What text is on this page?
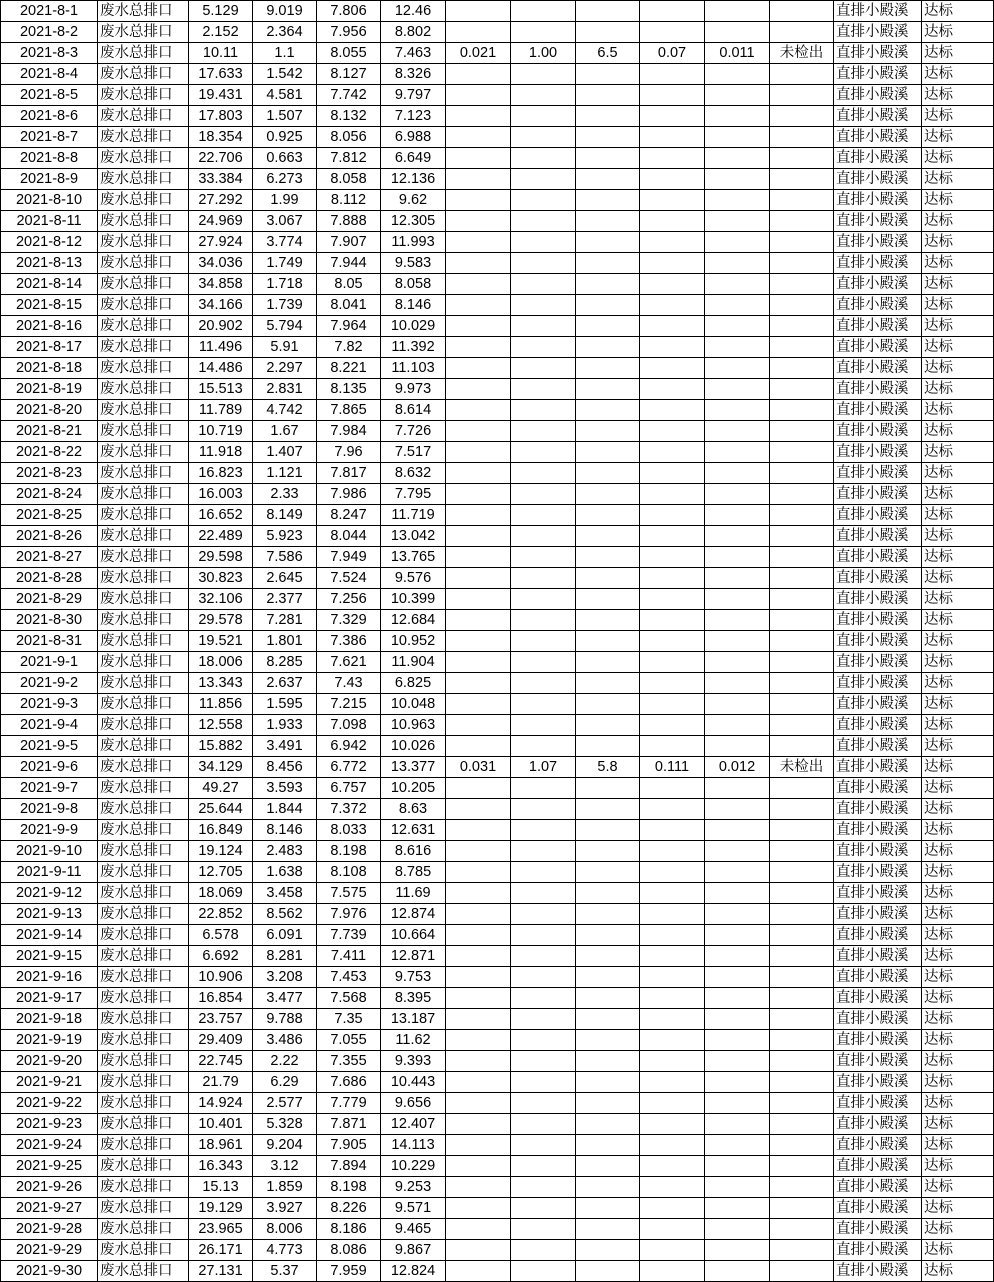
2021-8-1	废水总排口	5.129	9.019	7.806	12.46							直排小殿溪	达标
2021-8-2	废水总排口	2.152	2.364	7.956	8.802							直排小殿溪	达标
2021-8-3	废水总排口	10.11	1.1	8.055	7.463	0.021	1.00	6.5	0.07	0.011	未检出	直排小殿溪	达标
2021-8-4	废水总排口	17.633	1.542	8.127	8.326							直排小殿溪	达标
2021-8-5	废水总排口	19.431	4.581	7.742	9.797							直排小殿溪	达标
2021-8-6	废水总排口	17.803	1.507	8.132	7.123							直排小殿溪	达标
2021-8-7	废水总排口	18.354	0.925	8.056	6.988							直排小殿溪	达标
2021-8-8	废水总排口	22.706	0.663	7.812	6.649							直排小殿溪	达标
2021-8-9	废水总排口	33.384	6.273	8.058	12.136							直排小殿溪	达标
2021-8-10	废水总排口	27.292	1.99	8.112	9.62							直排小殿溪	达标
2021-8-11	废水总排口	24.969	3.067	7.888	12.305							直排小殿溪	达标
2021-8-12	废水总排口	27.924	3.774	7.907	11.993							直排小殿溪	达标
2021-8-13	废水总排口	34.036	1.749	7.944	9.583							直排小殿溪	达标
2021-8-14	废水总排口	34.858	1.718	8.05	8.058							直排小殿溪	达标
2021-8-15	废水总排口	34.166	1.739	8.041	8.146							直排小殿溪	达标
2021-8-16	废水总排口	20.902	5.794	7.964	10.029							直排小殿溪	达标
2021-8-17	废水总排口	11.496	5.91	7.82	11.392							直排小殿溪	达标
2021-8-18	废水总排口	14.486	2.297	8.221	11.103							直排小殿溪	达标
2021-8-19	废水总排口	15.513	2.831	8.135	9.973							直排小殿溪	达标
2021-8-20	废水总排口	11.789	4.742	7.865	8.614							直排小殿溪	达标
2021-8-21	废水总排口	10.719	1.67	7.984	7.726							直排小殿溪	达标
2021-8-22	废水总排口	11.918	1.407	7.96	7.517							直排小殿溪	达标
2021-8-23	废水总排口	16.823	1.121	7.817	8.632							直排小殿溪	达标
2021-8-24	废水总排口	16.003	2.33	7.986	7.795							直排小殿溪	达标
2021-8-25	废水总排口	16.652	8.149	8.247	11.719							直排小殿溪	达标
2021-8-26	废水总排口	22.489	5.923	8.044	13.042							直排小殿溪	达标
2021-8-27	废水总排口	29.598	7.586	7.949	13.765							直排小殿溪	达标
2021-8-28	废水总排口	30.823	2.645	7.524	9.576							直排小殿溪	达标
2021-8-29	废水总排口	32.106	2.377	7.256	10.399							直排小殿溪	达标
2021-8-30	废水总排口	29.578	7.281	7.329	12.684							直排小殿溪	达标
2021-8-31	废水总排口	19.521	1.801	7.386	10.952							直排小殿溪	达标
2021-9-1	废水总排口	18.006	8.285	7.621	11.904							直排小殿溪	达标
2021-9-2	废水总排口	13.343	2.637	7.43	6.825							直排小殿溪	达标
2021-9-3	废水总排口	11.856	1.595	7.215	10.048							直排小殿溪	达标
2021-9-4	废水总排口	12.558	1.933	7.098	10.963							直排小殿溪	达标
2021-9-5	废水总排口	15.882	3.491	6.942	10.026							直排小殿溪	达标
2021-9-6	废水总排口	34.129	8.456	6.772	13.377	0.031	1.07	5.8	0.111	0.012	未检出	直排小殿溪	达标
2021-9-7	废水总排口	49.27	3.593	6.757	10.205							直排小殿溪	达标
2021-9-8	废水总排口	25.644	1.844	7.372	8.63							直排小殿溪	达标
2021-9-9	废水总排口	16.849	8.146	8.033	12.631							直排小殿溪	达标
2021-9-10	废水总排口	19.124	2.483	8.198	8.616							直排小殿溪	达标
2021-9-11	废水总排口	12.705	1.638	8.108	8.785							直排小殿溪	达标
2021-9-12	废水总排口	18.069	3.458	7.575	11.69							直排小殿溪	达标
2021-9-13	废水总排口	22.852	8.562	7.976	12.874							直排小殿溪	达标
2021-9-14	废水总排口	6.578	6.091	7.739	10.664							直排小殿溪	达标
2021-9-15	废水总排口	6.692	8.281	7.411	12.871							直排小殿溪	达标
2021-9-16	废水总排口	10.906	3.208	7.453	9.753							直排小殿溪	达标
2021-9-17	废水总排口	16.854	3.477	7.568	8.395							直排小殿溪	达标
2021-9-18	废水总排口	23.757	9.788	7.35	13.187							直排小殿溪	达标
2021-9-19	废水总排口	29.409	3.486	7.055	11.62							直排小殿溪	达标
2021-9-20	废水总排口	22.745	2.22	7.355	9.393							直排小殿溪	达标
2021-9-21	废水总排口	21.79	6.29	7.686	10.443							直排小殿溪	达标
2021-9-22	废水总排口	14.924	2.577	7.779	9.656							直排小殿溪	达标
2021-9-23	废水总排口	10.401	5.328	7.871	12.407							直排小殿溪	达标
2021-9-24	废水总排口	18.961	9.204	7.905	14.113							直排小殿溪	达标
2021-9-25	废水总排口	16.343	3.12	7.894	10.229							直排小殿溪	达标
2021-9-26	废水总排口	15.13	1.859	8.198	9.253							直排小殿溪	达标
2021-9-27	废水总排口	19.129	3.927	8.226	9.571							直排小殿溪	达标
2021-9-28	废水总排口	23.965	8.006	8.186	9.465							直排小殿溪	达标
2021-9-29	废水总排口	26.171	4.773	8.086	9.867							直排小殿溪	达标
2021-9-30	废水总排口	27.131	5.37	7.959	12.824							直排小殿溪	达标
